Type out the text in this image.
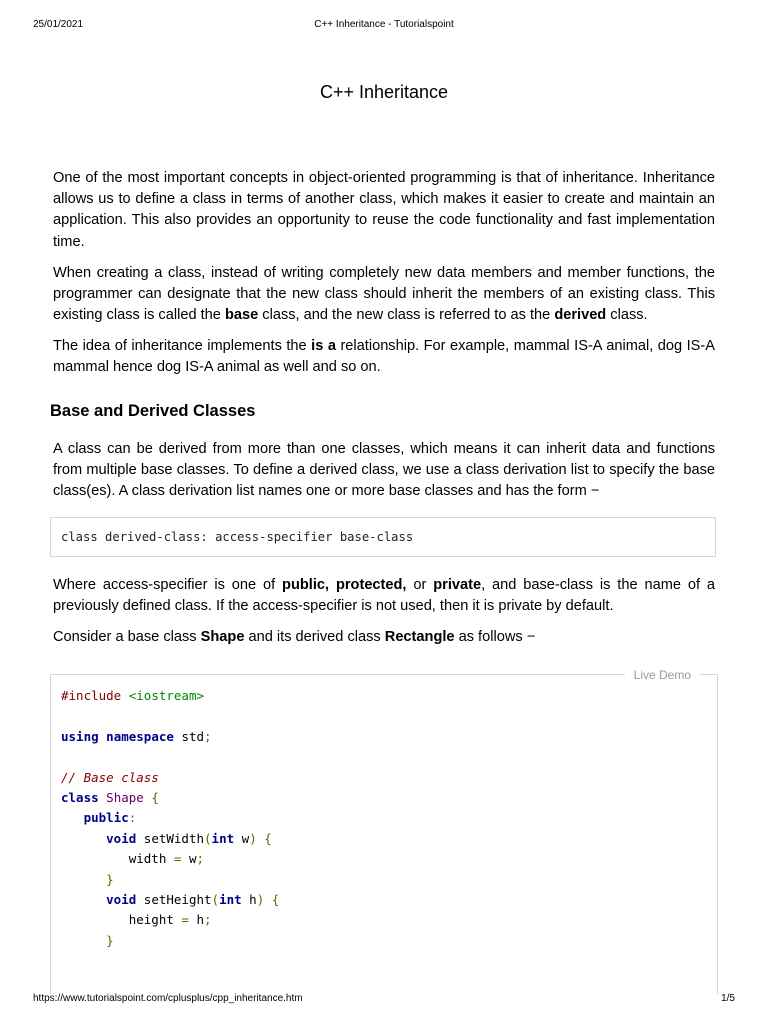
25/01/2021	C++ Inheritance - Tutorialspoint
C++ Inheritance

One of the most important concepts in object-oriented programming is that of inheritance. Inheritance allows us to define a class in terms of another class, which makes it easier to create and maintain an application. This also provides an opportunity to reuse the code functionality and fast implementation time.

When creating a class, instead of writing completely new data members and member functions, the programmer can designate that the new class should inherit the members of an existing class. This existing class is called the base class, and the new class is referred to as the derived class.

The idea of inheritance implements the is a relationship. For example, mammal IS-A animal, dog IS-A mammal hence dog IS-A animal as well and so on.

Base and Derived Classes

A class can be derived from more than one classes, which means it can inherit data and functions from multiple base classes. To define a derived class, we use a class derivation list to specify the base class(es). A class derivation list names one or more base classes and has the form −

class derived-class: access-specifier base-class

Where access-specifier is one of public, protected, or private, and base-class is the name of a previously defined class. If the access-specifier is not used, then it is private by default.

Consider a base class Shape and its derived class Rectangle as follows −

Live Demo
#include <iostream>

using namespace std;

// Base class
class Shape {
public:
void setWidth(int w) {
width = w;
}
void setHeight(int h) {
height = h;
}
https://www.tutorialspoint.com/cplusplus/cpp_inheritance.htm	1/5
